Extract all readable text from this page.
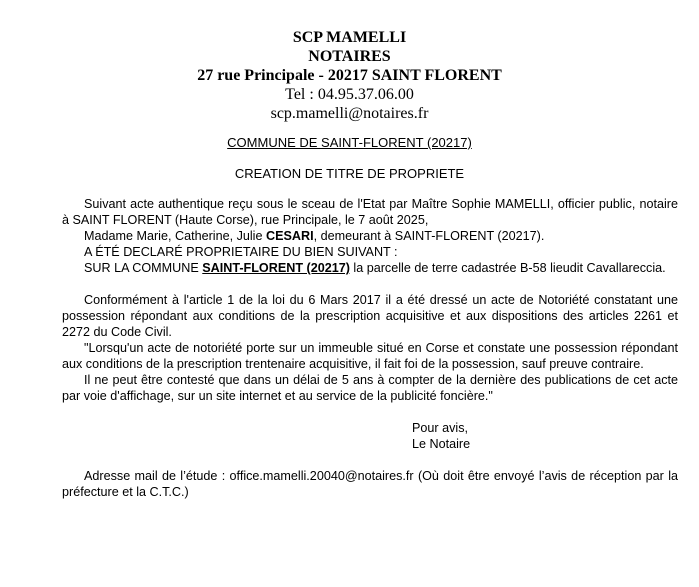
SCP MAMELLI
NOTAIRES
27 rue Principale - 20217 SAINT FLORENT
Tel : 04.95.37.06.00
scp.mamelli@notaires.fr
COMMUNE DE SAINT-FLORENT (20217)
CREATION DE TITRE DE PROPRIETE

Suivant acte authentique reçu sous le sceau de l'Etat par Maître Sophie MAMELLI, officier public, notaire à SAINT FLORENT (Haute Corse), rue Principale, le 7 août 2025,

Madame Marie, Catherine, Julie CESARI, demeurant à SAINT-FLORENT (20217).

A ÉTÉ DECLARÉ PROPRIETAIRE DU BIEN SUIVANT :

SUR LA COMMUNE SAINT-FLORENT (20217) la parcelle de terre cadastrée B-58 lieudit Cavallareccia.

Conformément à l'article 1 de la loi du 6 Mars 2017 il a été dressé un acte de Notoriété constatant une possession répondant aux conditions de la prescription acquisitive et aux dispositions des articles 2261 et 2272 du Code Civil.

"Lorsqu'un acte de notoriété porte sur un immeuble situé en Corse et constate une possession répondant aux conditions de la prescription trentenaire acquisitive, il fait foi de la possession, sauf preuve contraire.

Il ne peut être contesté que dans un délai de 5 ans à compter de la dernière des publications de cet acte par voie d'affichage, sur un site internet et au service de la publicité foncière."

Pour avis,

Le Notaire

Adresse mail de l’étude : office.mamelli.20040@notaires.fr (Où doit être envoyé l’avis de réception par la préfecture et la C.T.C.)
